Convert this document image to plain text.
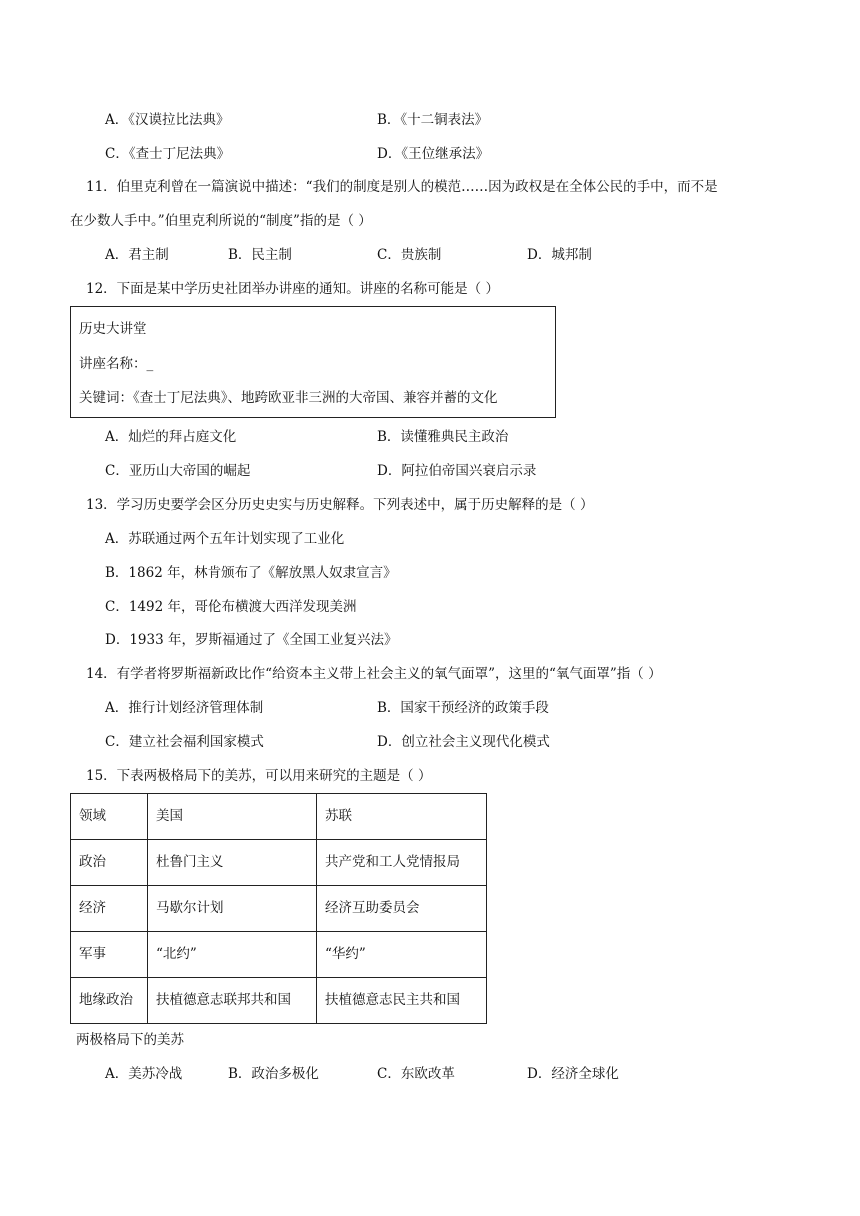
A．《汉谟拉比法典》	B．《十二铜表法》
C．《查士丁尼法典》	D．《王位继承法》
11．伯里克利曾在一篇演说中描述：“我们的制度是别人的模范……因为政权是在全体公民的手中，而不是
在少数人手中。”伯里克利所说的“制度”指的是（ ）
A．君主制	B．民主制	C．贵族制	D．城邦制
12．下面是某中学历史社团举办讲座的通知。讲座的名称可能是（ ）
历史大讲堂
讲座名称：_
关键词：《查士丁尼法典》、地跨欧亚非三洲的大帝国、兼容并蓄的文化
A．灿烂的拜占庭文化	B．读懂雅典民主政治
C．亚历山大帝国的崛起	D．阿拉伯帝国兴衰启示录
13．学习历史要学会区分历史史实与历史解释。下列表述中，属于历史解释的是（ ）
A．苏联通过两个五年计划实现了工业化
B．1862 年，林肯颁布了《解放黑人奴隶宣言》
C．1492 年，哥伦布横渡大西洋发现美洲
D．1933 年，罗斯福通过了《全国工业复兴法》
14．有学者将罗斯福新政比作“给资本主义带上社会主义的氧气面罩”，这里的“氧气面罩”指（ ）
A．推行计划经济管理体制	B．国家干预经济的政策手段
C．建立社会福利国家模式	D．创立社会主义现代化模式
15．下表两极格局下的美苏，可以用来研究的主题是（ ）
领域	美国	苏联
政治	杜鲁门主义	共产党和工人党情报局
经济	马歇尔计划	经济互助委员会
军事	“北约”	“华约”
地缘政治	扶植德意志联邦共和国	扶植德意志民主共和国
两极格局下的美苏
A．美苏冷战	B．政治多极化	C．东欧改革	D．经济全球化
